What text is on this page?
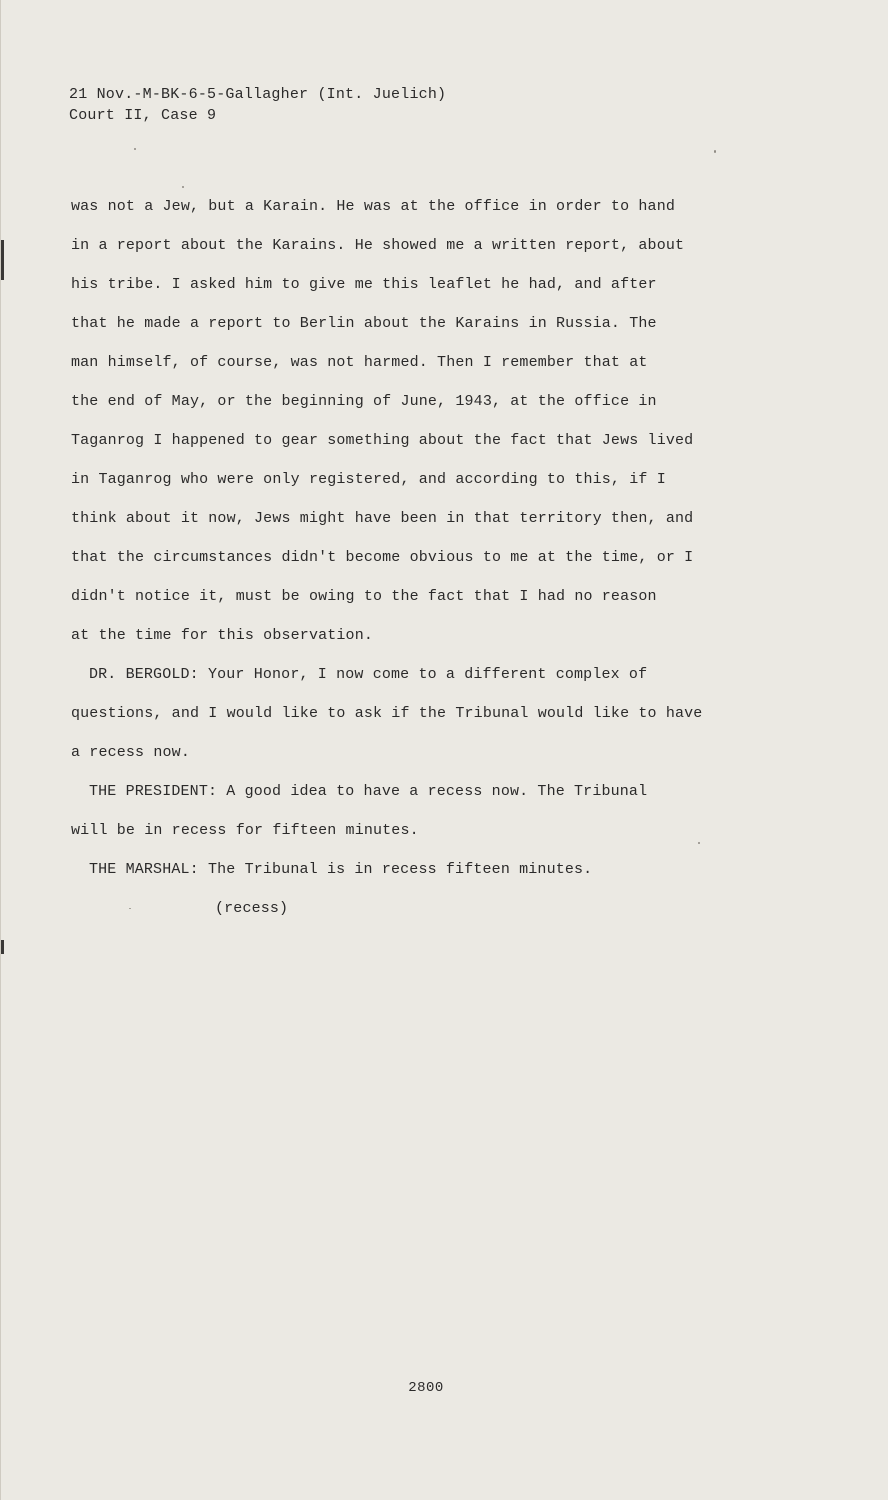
21 Nov.-M-BK-6-5-Gallagher (Int. Juelich)
Court II, Case 9
was not a Jew, but a Karain. He was at the office in order to hand
in a report about the Karains. He showed me a written report, about
his tribe. I asked him to give me this leaflet he had, and after
that he made a report to Berlin about the Karains in Russia. The
man himself, of course, was not harmed. Then I remember that at
the end of May, or the beginning of June, 1943, at the office in
Taganrog I happened to gear something about the fact that Jews lived
in Taganrog who were only registered, and according to this, if I
think about it now, Jews might have been in that territory then, and
that the circumstances didn't become obvious to me at the time, or I
didn't notice it, must be owing to the fact that I had no reason
at the time for this observation.
DR. BERGOLD: Your Honor, I now come to a different complex of
questions, and I would like to ask if the Tribunal would like to have
a recess now.
THE PRESIDENT: A good idea to have a recess now. The Tribunal
will be in recess for fifteen minutes.
THE MARSHAL: The Tribunal is in recess fifteen minutes.
(recess)
2800
